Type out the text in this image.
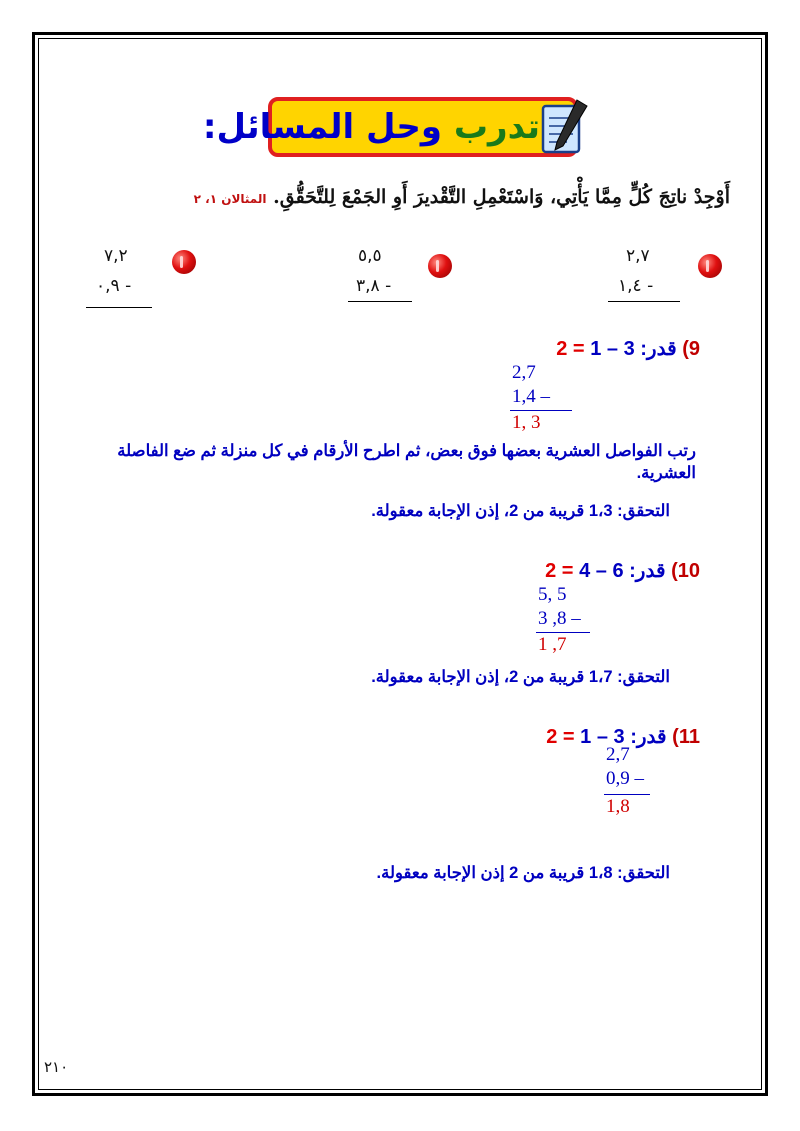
تدرب وحل المسائل:
أَوْجِدْ ناتِجَ كُلٍّ مِمَّا يَأْتِي، وَاسْتَعْمِلِ التَّقْديرَ أَوِ الجَمْعَ لِلتَّحَقُّقِ. المثالان ١، ٢
٢,٧
١,٤ -
٥,٥
٣,٨ -
٧,٢
٠,٩ -
9) قدر: 3 – 1 = 2
2,7
1,4 –
1, 3
رتب الفواصل العشرية بعضها فوق بعض، ثم اطرح الأرقام في كل منزلة ثم ضع الفاصلة العشرية.
التحقق: 1،3 قريبة من 2، إذن الإجابة معقولة.
10) قدر: 6 – 4 = 2
5, 5
3 ,8 –
1 ,7
التحقق: 1،7 قريبة من 2، إذن الإجابة معقولة.
11) قدر: 3 – 1 = 2
2,7
0,9 –
1,8
التحقق: 1،8 قريبة من 2 إذن الإجابة معقولة.
٢١٠
